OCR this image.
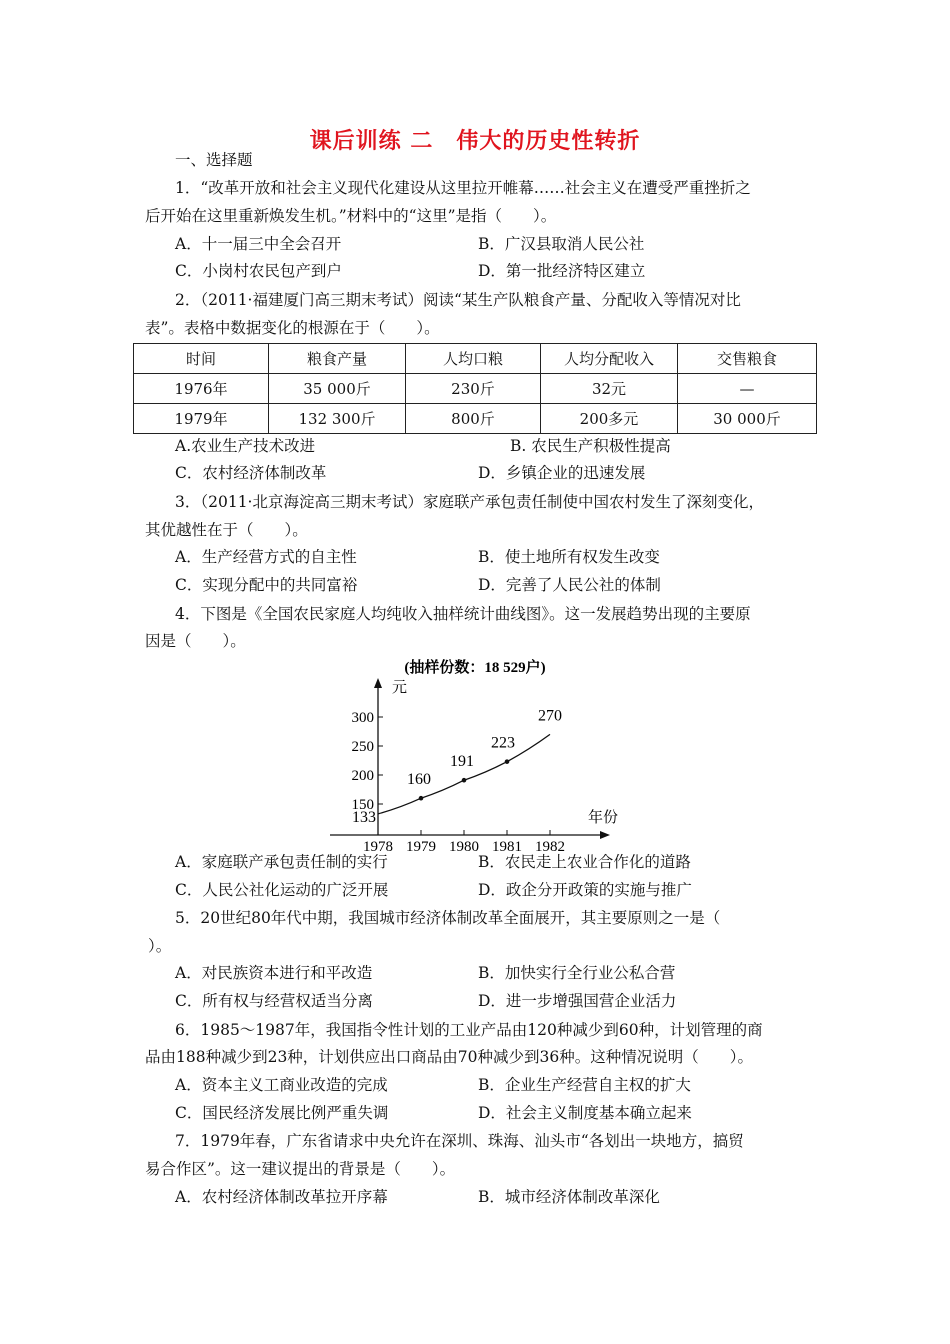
课后训练 二　伟大的历史性转折
一、选择题
1．“改革开放和社会主义现代化建设从这里拉开帷幕……社会主义在遭受严重挫折之
后开始在这里重新焕发生机。”材料中的“这里”是指（　　）。
A．十一届三中全会召开	B．广汉县取消人民公社
C．小岗村农民包产到户	D．第一批经济特区建立
2．（2011·福建厦门高三期末考试）阅读“某生产队粮食产量、分配收入等情况对比
表”。表格中数据变化的根源在于（　　）。
时间	粮食产量	人均口粮	人均分配收入	交售粮食
1976年	35 000斤	230斤	32元	—
1979年	132 300斤	800斤	200多元	30 000斤
A.农业生产技术改进	B. 农民生产积极性提高
C．农村经济体制改革	D．乡镇企业的迅速发展
3．（2011·北京海淀高三期末考试）家庭联产承包责任制使中国农村发生了深刻变化，
其优越性在于（　　）。
A．生产经营方式的自主性	B．使土地所有权发生改变
C．实现分配中的共同富裕	D．完善了人民公社的体制
4．下图是《全国农民家庭人均纯收入抽样统计曲线图》。这一发展趋势出现的主要原
因是（　　）。
(抽样份数：18 529户)
元
年份
150
200
250
300
1978 1979 1980 1981 1982
133
160
191
223
270
A．家庭联产承包责任制的实行	B．农民走上农业合作化的道路
C．人民公社化运动的广泛开展	D．政企分开政策的实施与推广
5．20世纪80年代中期，我国城市经济体制改革全面展开，其主要原则之一是（
）。
A．对民族资本进行和平改造	B．加快实行全行业公私合营
C．所有权与经营权适当分离	D．进一步增强国营企业活力
6．1985～1987年，我国指令性计划的工业产品由120种减少到60种，计划管理的商
品由188种减少到23种，计划供应出口商品由70种减少到36种。这种情况说明（　　）。
A．资本主义工商业改造的完成	B．企业生产经营自主权的扩大
C．国民经济发展比例严重失调	D．社会主义制度基本确立起来
7．1979年春，广东省请求中央允许在深圳、珠海、汕头市“各划出一块地方，搞贸
易合作区”。这一建议提出的背景是（　　）。
A．农村经济体制改革拉开序幕	B．城市经济体制改革深化
